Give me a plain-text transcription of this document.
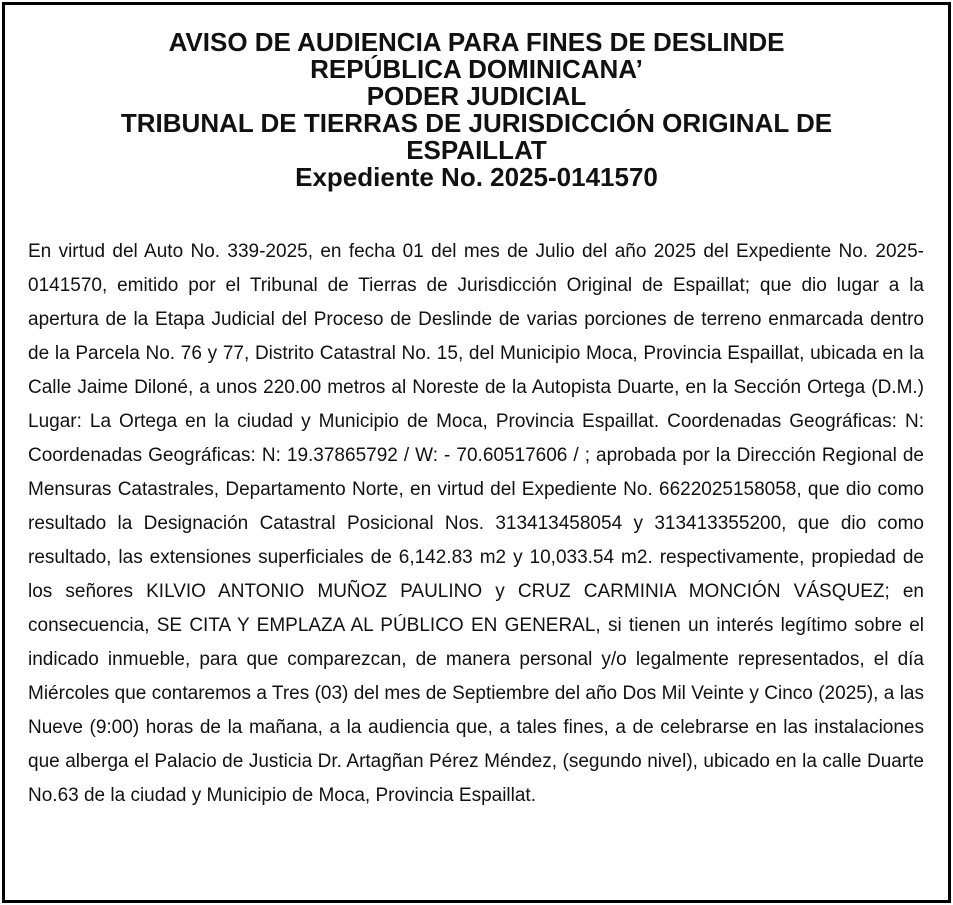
AVISO DE AUDIENCIA PARA FINES DE DESLINDE
REPÚBLICA DOMINICANA’
PODER JUDICIAL
TRIBUNAL DE TIERRAS DE JURISDICCIÓN ORIGINAL DE
ESPAILLAT
Expediente No. 2025-0141570
En virtud del Auto No. 339-2025, en fecha 01 del mes de Julio del año 2025 del Expediente No. 2025-0141570, emitido por el Tribunal de Tierras de Jurisdicción Original de Espaillat; que dio lugar a la apertura de la Etapa Judicial del Proceso de Deslinde de varias porciones de terreno enmarcada dentro de la Parcela No. 76 y 77, Distrito Catastral No. 15, del Municipio Moca, Provincia Espaillat, ubicada en la Calle Jaime Diloné, a unos 220.00 metros al Noreste de la Autopista Duarte, en la Sección Ortega (D.M.) Lugar: La Ortega en la ciudad y Municipio de Moca, Provincia Espaillat. Coordenadas Geográficas: N: Coordenadas Geográficas: N: 19.37865792 / W: - 70.60517606 / ; aprobada por la Dirección Regional de Mensuras Catastrales, Departamento Norte, en virtud del Expediente No. 6622025158058, que dio como resultado la Designación Catastral Posicional Nos. 313413458054 y 313413355200, que dio como resultado, las extensiones superficiales de 6,142.83 m2 y 10,033.54 m2. respectivamente, propiedad de los señores KILVIO ANTONIO MUÑOZ PAULINO y CRUZ CARMINIA MONCIÓN VÁSQUEZ; en consecuencia, SE CITA Y EMPLAZA AL PÚBLICO EN GENERAL, si tienen un interés legítimo sobre el indicado inmueble, para que comparezcan, de manera personal y/o legalmente representados, el día Miércoles que contaremos a Tres (03) del mes de Septiembre del año Dos Mil Veinte y Cinco (2025), a las Nueve (9:00) horas de la mañana, a la audiencia que, a tales fines, a de celebrarse en las instalaciones que alberga el Palacio de Justicia Dr. Artagñan Pérez Méndez, (segundo nivel), ubicado en la calle Duarte No.63 de la ciudad y Municipio de Moca, Provincia Espaillat.
